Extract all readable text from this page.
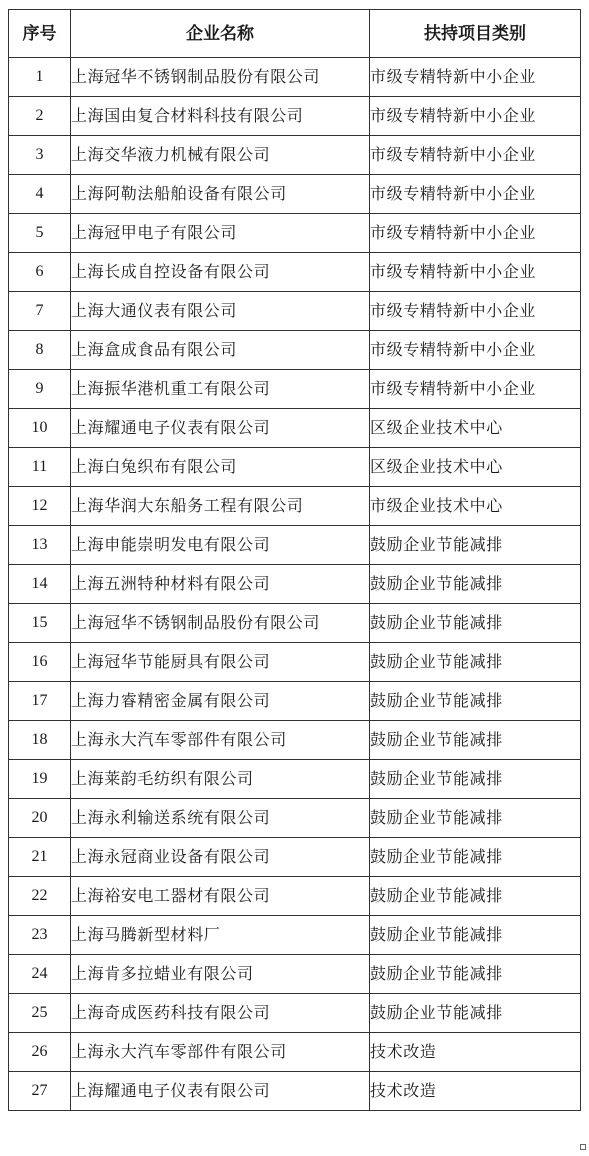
序号	企业名称	扶持项目类别
1	上海冠华不锈钢制品股份有限公司	市级专精特新中小企业
2	上海国由复合材料科技有限公司	市级专精特新中小企业
3	上海交华液力机械有限公司	市级专精特新中小企业
4	上海阿勒法船舶设备有限公司	市级专精特新中小企业
5	上海冠甲电子有限公司	市级专精特新中小企业
6	上海长成自控设备有限公司	市级专精特新中小企业
7	上海大通仪表有限公司	市级专精特新中小企业
8	上海盒成食品有限公司	市级专精特新中小企业
9	上海振华港机重工有限公司	市级专精特新中小企业
10	上海耀通电子仪表有限公司	区级企业技术中心
11	上海白兔织布有限公司	区级企业技术中心
12	上海华润大东船务工程有限公司	市级企业技术中心
13	上海申能崇明发电有限公司	鼓励企业节能减排
14	上海五洲特种材料有限公司	鼓励企业节能减排
15	上海冠华不锈钢制品股份有限公司	鼓励企业节能减排
16	上海冠华节能厨具有限公司	鼓励企业节能减排
17	上海力睿精密金属有限公司	鼓励企业节能减排
18	上海永大汽车零部件有限公司	鼓励企业节能减排
19	上海莱韵毛纺织有限公司	鼓励企业节能减排
20	上海永利输送系统有限公司	鼓励企业节能减排
21	上海永冠商业设备有限公司	鼓励企业节能减排
22	上海裕安电工器材有限公司	鼓励企业节能减排
23	上海马腾新型材料厂	鼓励企业节能减排
24	上海肯多拉蜡业有限公司	鼓励企业节能减排
25	上海奇成医药科技有限公司	鼓励企业节能减排
26	上海永大汽车零部件有限公司	技术改造
27	上海耀通电子仪表有限公司	技术改造
